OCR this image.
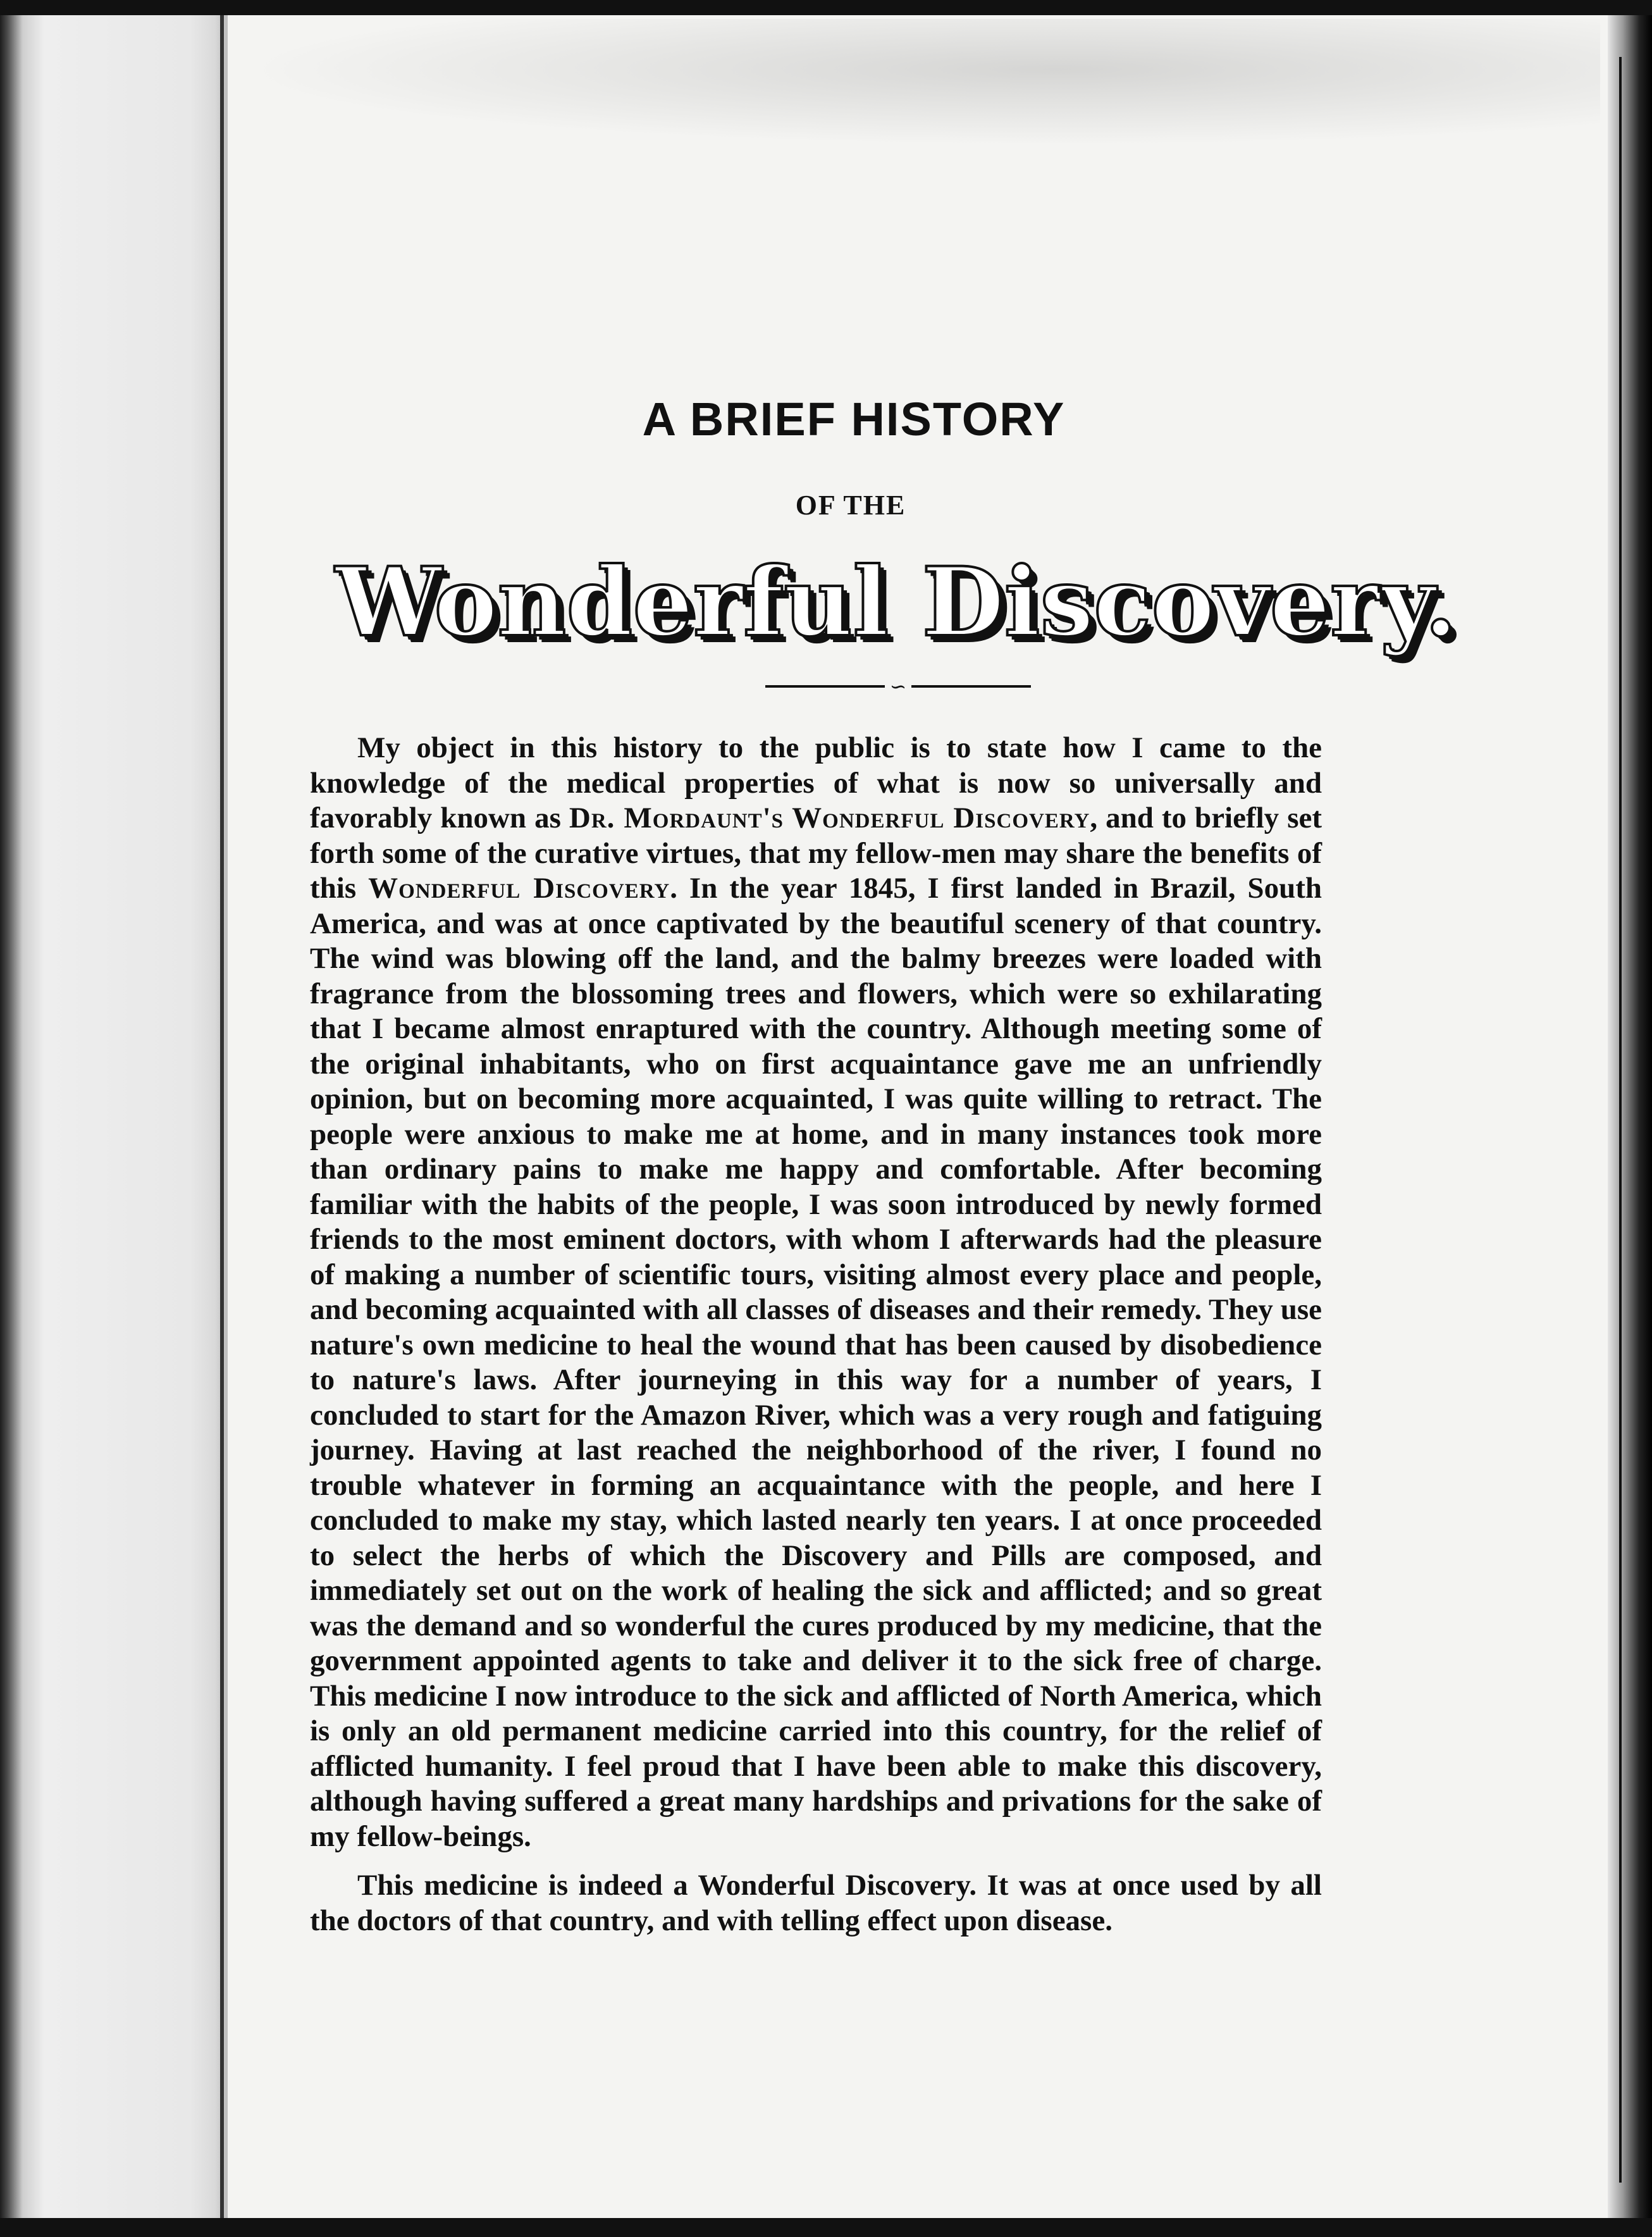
A BRIEF HISTORY
OF THE
Wonderful Discovery.
∽

My object in this history to the public is to state how I came to the knowledge of the medical properties of what is now so universally and favorably known as Dr. Mordaunt's Wonderful Discovery, and to briefly set forth some of the curative virtues, that my fellow-men may share the benefits of this Wonderful Discovery. In the year 1845, I first landed in Brazil, South America, and was at once captivated by the beautiful scenery of that country. The wind was blowing off the land, and the balmy breezes were loaded with fragrance from the blossoming trees and flowers, which were so exhilarating that I became almost enraptured with the country. Although meeting some of the original inhabitants, who on first acquaintance gave me an unfriendly opinion, but on becoming more acquainted, I was quite willing to retract. The people were anxious to make me at home, and in many instances took more than ordinary pains to make me happy and comfortable. After becoming familiar with the habits of the people, I was soon introduced by newly formed friends to the most eminent doctors, with whom I afterwards had the pleasure of making a number of scientific tours, visiting almost every place and people, and becoming acquainted with all classes of diseases and their remedy. They use nature's own medicine to heal the wound that has been caused by disobedience to nature's laws. After journeying in this way for a number of years, I concluded to start for the Amazon River, which was a very rough and fatiguing journey. Having at last reached the neighborhood of the river, I found no trouble whatever in forming an acquaintance with the people, and here I concluded to make my stay, which lasted nearly ten years. I at once proceeded to select the herbs of which the Discovery and Pills are composed, and immediately set out on the work of healing the sick and afflicted; and so great was the demand and so wonderful the cures produced by my medicine, that the government appointed agents to take and deliver it to the sick free of charge. This medicine I now introduce to the sick and afflicted of North America, which is only an old permanent medicine carried into this country, for the relief of afflicted humanity. I feel proud that I have been able to make this discovery, although having suffered a great many hardships and privations for the sake of my fellow-beings.

This medicine is indeed a Wonderful Discovery. It was at once used by all the doctors of that country, and with telling effect upon disease.
